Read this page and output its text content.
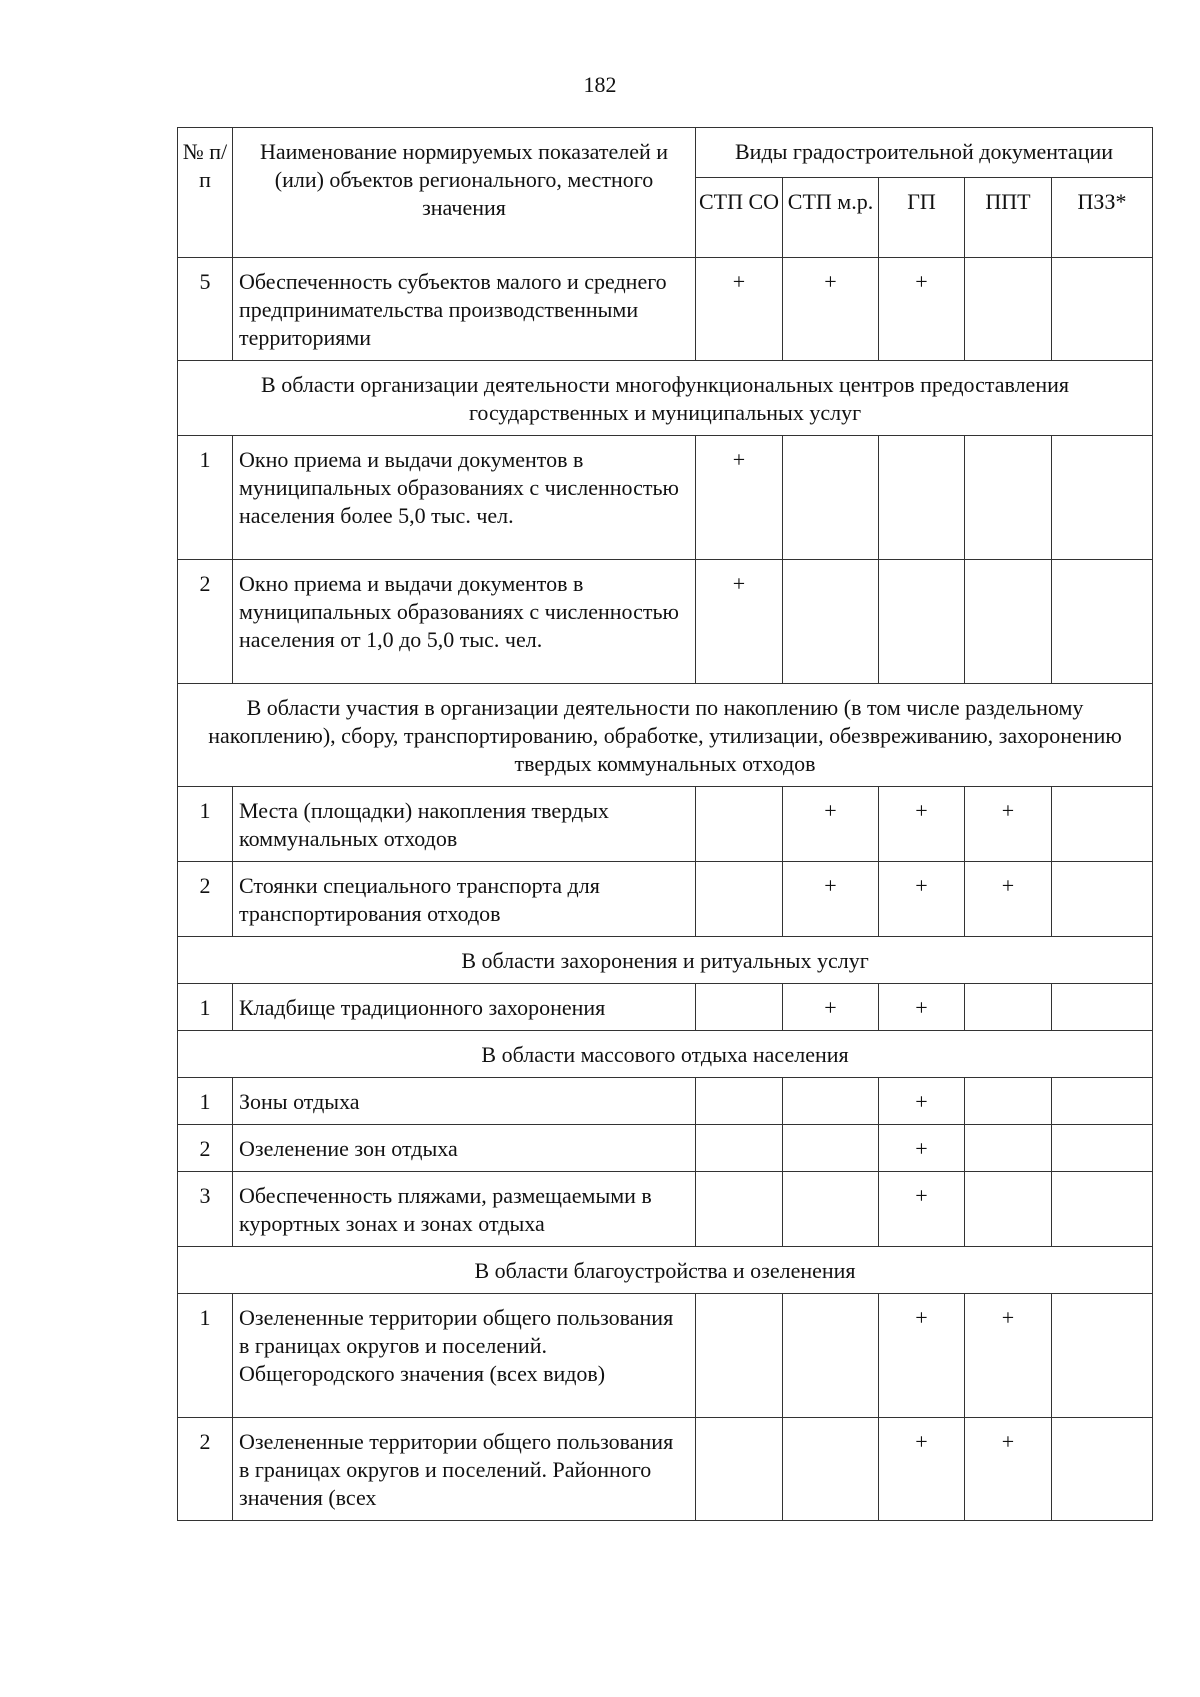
182
№ п/п	Наименование нормируемых показателей и (или) объектов регионального, местного значения	Виды градостроительной документации				
		СТП СО	СТП м.р.	ГП	ППТ	ПЗЗ*
5	Обеспеченность субъектов малого и среднего предпринимательства производственными территориями	+	+	+		
В области организации деятельности многофункциональных центров предоставления государственных и муниципальных услуг						
1	Окно приема и выдачи документов в муниципальных образованиях с численностью населения более 5,0 тыс. чел.	+				
2	Окно приема и выдачи документов в муниципальных образованиях с численностью населения от 1,0 до 5,0 тыс. чел.	+				
В области участия в организации деятельности по накоплению (в том числе раздельному накоплению), сбору, транспортированию, обработке, утилизации, обезвреживанию, захоронению твердых коммунальных отходов						
1	Места (площадки) накопления твердых коммунальных отходов		+	+	+	
2	Стоянки специального транспорта для транспортирования отходов		+	+	+	
В области захоронения и ритуальных услуг						
1	Кладбище традиционного захоронения		+	+		
В области массового отдыха населения						
1	Зоны отдыха			+		
2	Озеленение зон отдыха			+		
3	Обеспеченность пляжами, размещаемыми в курортных зонах и зонах отдыха			+		
В области благоустройства и озеленения						
1	Озелененные территории общего пользования в границах округов и поселений. Общегородского значения (всех видов)			+	+	
2	Озелененные территории общего пользования в границах округов и поселений. Районного значения (всех			+	+	
